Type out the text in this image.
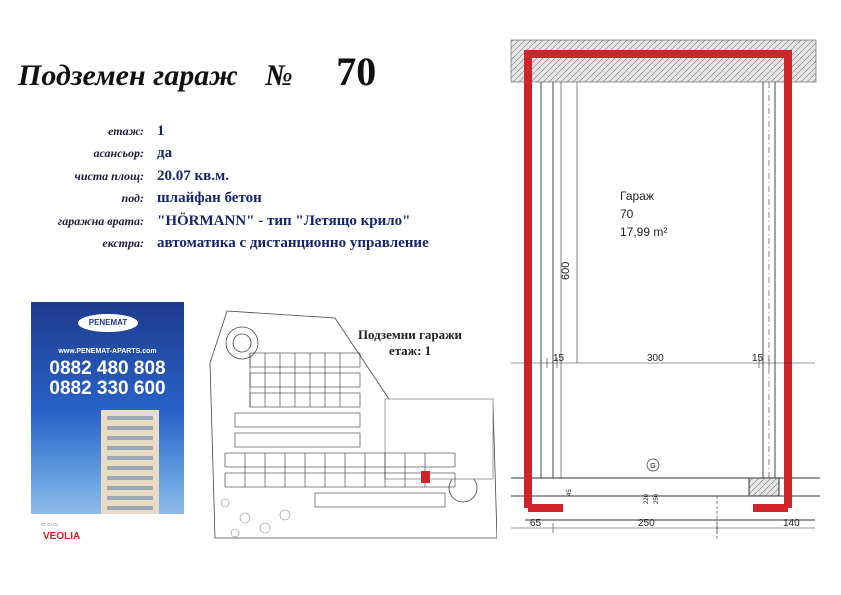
Подземен гараж № 70
етаж: 1
асансьор: да
чиста площ: 20.07 кв.м.
под: шлайфан бетон
гаражна врата: "HÖRMANN" - тип "Летящо крило"
екстра: автоматика с дистанционно управление
PENEMAT
www.PENEMAT-APARTS.com
0882 480 808
0882 330 600
▭ ▭ ▭
VEOLIA
Подземни гаражи
етаж: 1
G
Гараж
70
17,99 m²
600
15	300	15
65	250	140
250
220
45
